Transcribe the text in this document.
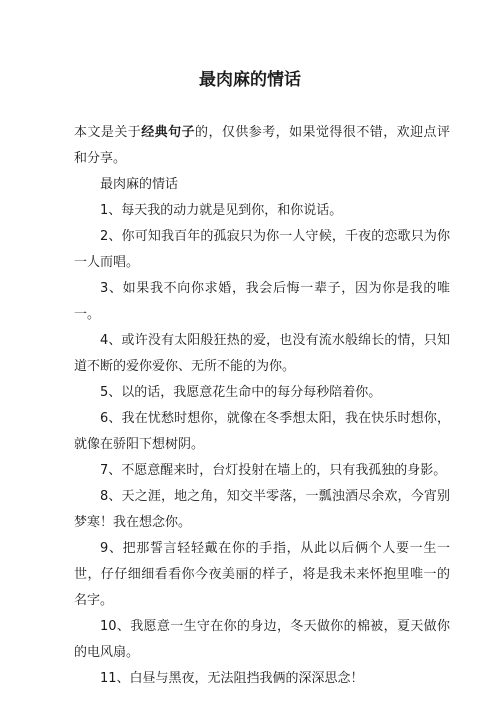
最肉麻的情话

本文是关于经典句子的，仅供参考，如果觉得很不错，欢迎点评和分享。

最肉麻的情话

1、每天我的动力就是见到你，和你说话。

2、你可知我百年的孤寂只为你一人守候，千夜的恋歌只为你一人而唱。

3、如果我不向你求婚，我会后悔一辈子，因为你是我的唯一。

4、或许没有太阳般狂热的爱，也没有流水般绵长的情，只知道不断的爱你爱你、无所不能的为你。

5、以的话，我愿意花生命中的每分每秒陪着你。

6、我在忧愁时想你，就像在冬季想太阳，我在快乐时想你，就像在骄阳下想树阴。

7、不愿意醒来时，台灯投射在墙上的，只有我孤独的身影。

8、天之涯，地之角，知交半零落，一瓢浊酒尽余欢，今宵别梦寒！我在想念你。

9、把那誓言轻轻戴在你的手指，从此以后俩个人要一生一世，仔仔细细看看你今夜美丽的样子，将是我未来怀抱里唯一的名字。

10、我愿意一生守在你的身边，冬天做你的棉被，夏天做你的电风扇。

11、白昼与黑夜，无法阻挡我俩的深深思念！
